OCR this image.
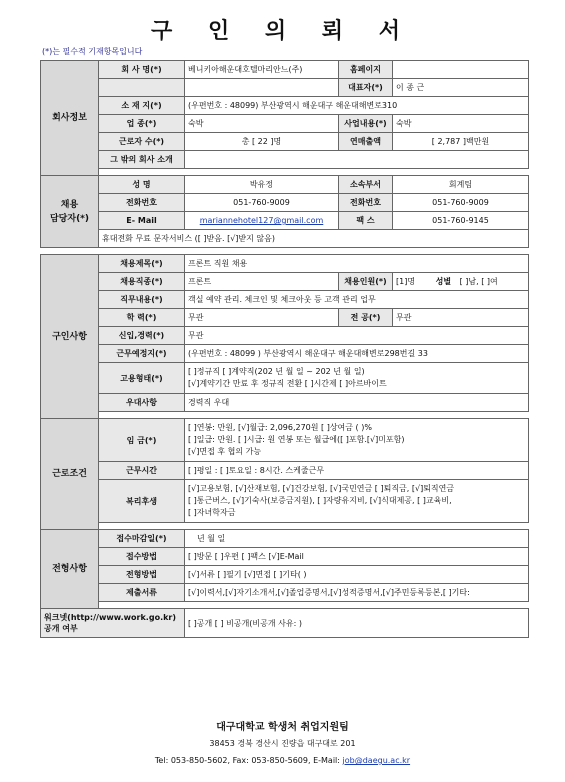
구 인 의 뢰 서
(*)는 필수적 기재항목입니다
회사정보	회 사 명(*)	베니키아해운대호텔마리안느(주)	홈페이지	
			대표자(*)	이 종 근
	소 재 지(*)	(우편번호 : 48099) 부산광역시 해운대구 해운대해변로310		
	업 종(*)	숙박	사업내용(*)	숙박
	근로자 수(*)	총 [ 22 ]명	연매출액	[ 2,787 ]백만원
	그 밖의 회사 소개			

채용
담당자(*)	성 명	박유정	소속부서	회계팀
	전화번호	051-760-9009	전화번호	051-760-9009
	E- Mail	mariannehotel127@gmail.com	팩 스	051-760-9145
	휴대전화 무료 문자서비스 ([ ]받음. [√]받지 않음)			

구인사항	채용제목(*)	프론트 직원 채용		
	채용직종(*)	프론트	채용인원(*)	[1]명 성별 [ ]남, [ ]여
	직무내용(*)	객실 예약 관리. 체크인 및 체크아웃 등 고객 관리 업무		
	학 력(*)	무관	전 공(*)	무관
	신입,경력(*)	무관		
	근무예정지(*)	(우편번호 : 48099 ) 부산광역시 해운대구 해운대해변로298번길 33		
	고용형태(*)	[ ]정규직 [ ]계약직(202 년 월 일 ~ 202 년 월 일)
[√]계약기간 만료 후 정규직 전환 [ ]시간제 [ ]아르바이트		

	우대사항	경력직 우대		

근로조건	임 금(*)	[ ]연봉: 만원, [√]월급: 2,096,270원 [ ]상여금 ( )%
[ ]일급: 만원. [ ]시급: 원 연봉 또는 월급에([ ]포함.[√]미포함)
[√]면접 후 협의 가능		

	근무시간	[ ]평일 : [ ]토요일 : 8시간. 스케줄근무		
	복리후생	[√]고용보험, [√]산재보험, [√]건강보험, [√]국민연금 [ ]퇴직금, [√]퇴직연금
[ ]통근버스, [√]기숙사(보증금지원), [ ]자량유지비, [√]식대제공, [ ]교육비,
[ ]자녀학자금		

전형사항	접수마감일(*)	년 월 일		
	접수방법	[ ]방문 [ ]우편 [ ]팩스 [√]E-Mail		
	전형방법	[√]서류 [ ]필기 [√]면접 [ ]기타( )		
	제출서류	[√]이력서,[√]자기소개서,[√]졸업증명서,[√]성적증명서,[√]주민등록등본,[ ]기타:		

워크넷(http://www.work.go.kr)
공개 여부		[ ]공개 [ ] 비공개(비공개 사유: )		
대구대학교 학생처 취업지원팀
38453 경북 경산시 진량읍 대구대로 201
Tel: 053-850-5602, Fax: 053-850-5609, E-Mail: job@daegu.ac.kr
